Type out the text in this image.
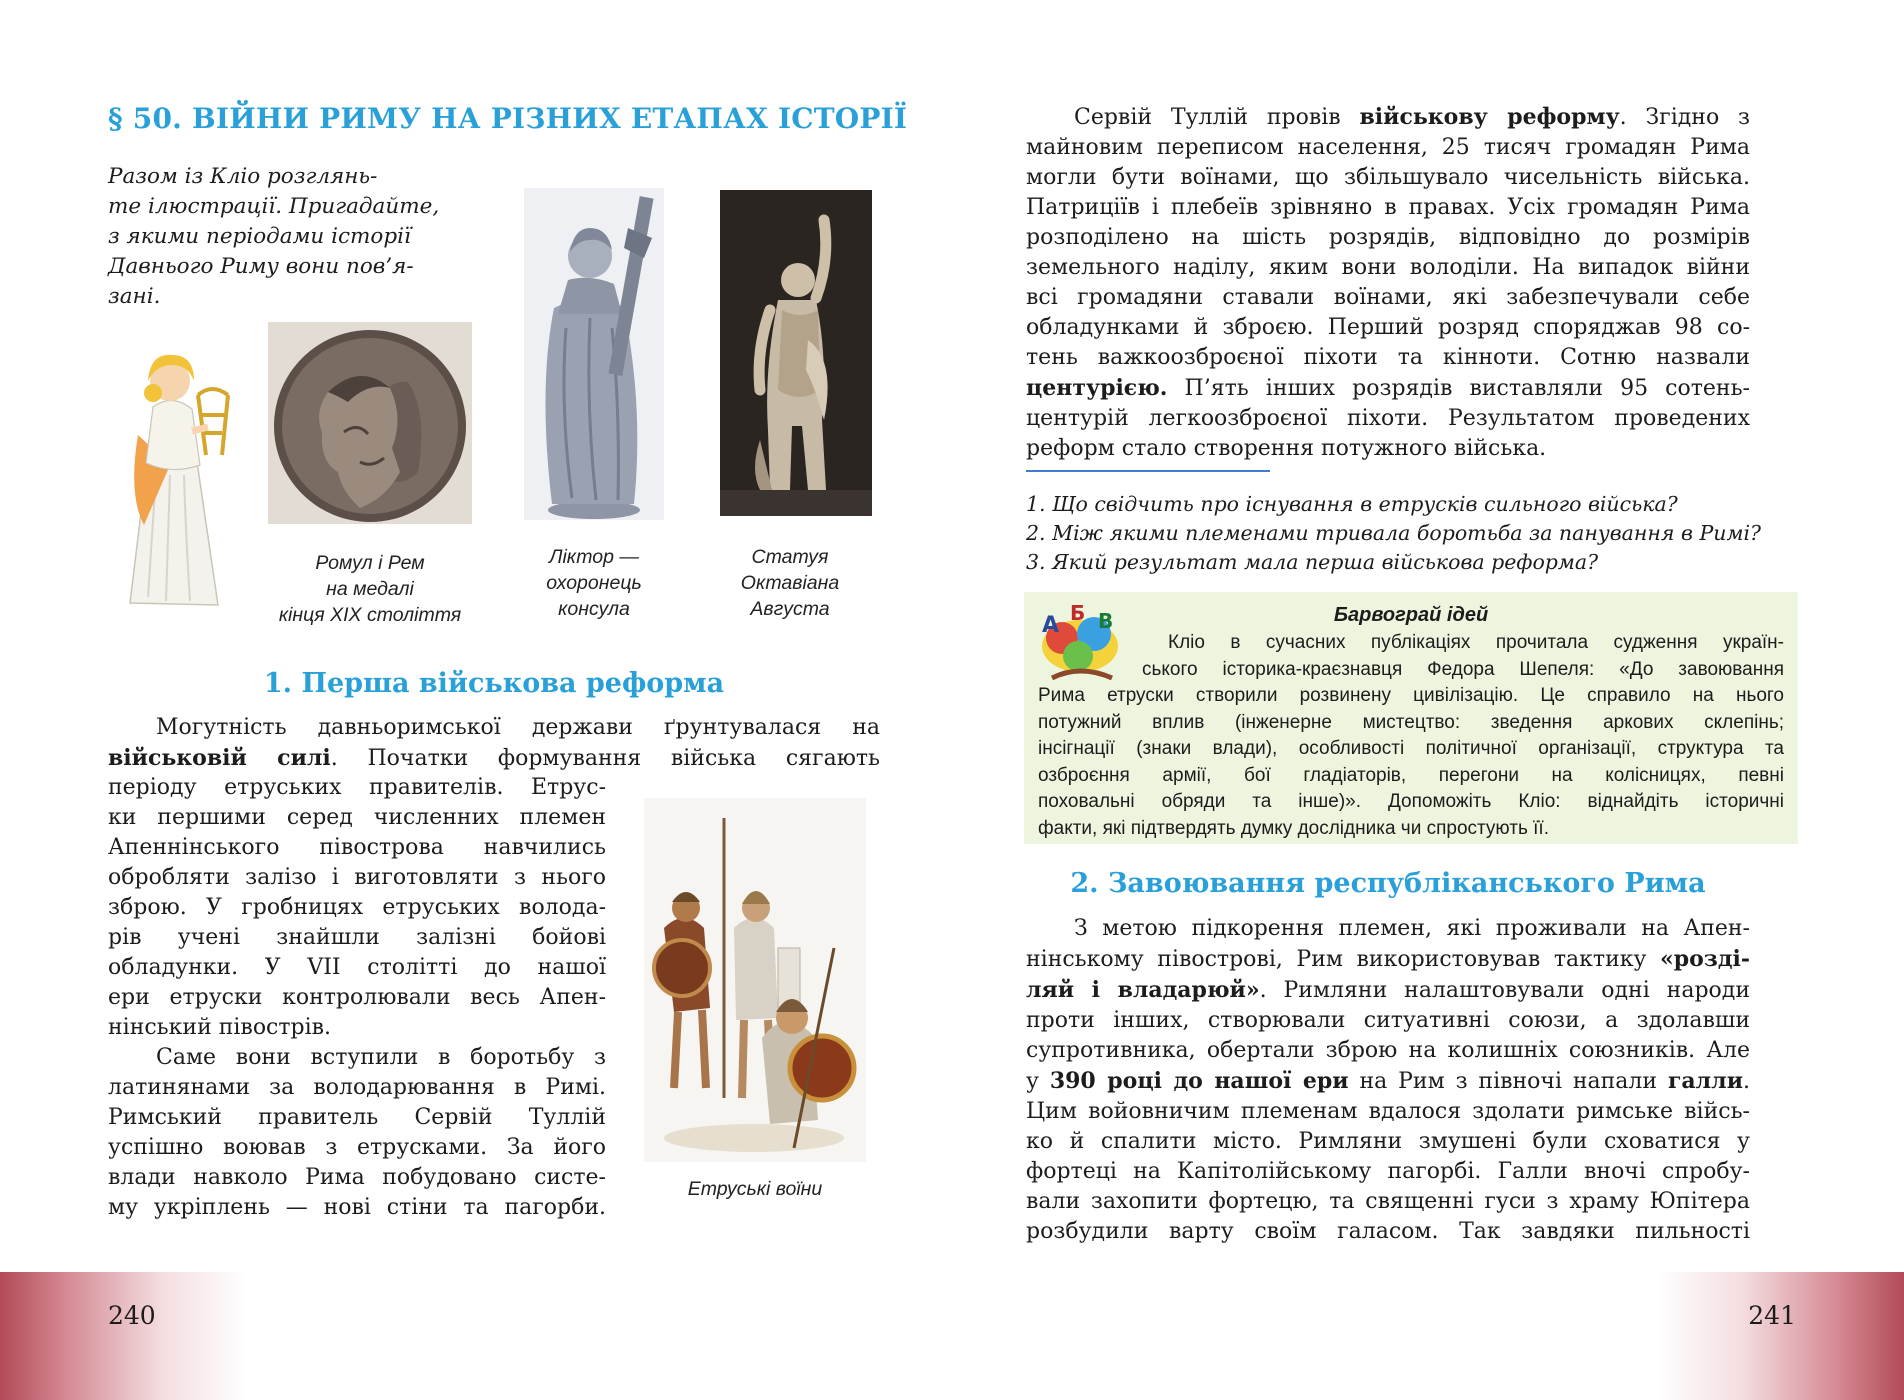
§ 50. ВІЙНИ РИМУ НА РІЗНИХ ЕТАПАХ ІСТОРІЇ

Разом із Кліо розглянь-

те ілюстрації. Пригадайте,

з якими періодами історії

Давнього Риму вони пов’я-

зані.

Ромул і Рем
на медалі
кінця XIX століття
Ліктор —
охоронець
консула
Статуя
Октавіана
Августа
1. Перша військова реформа

Могутність давньоримської держави ґрунтувалася на

військовій силі. Початки формування війська сягають

періоду етруських правителів. Етрус-

ки першими серед численних племен

Апеннінського півострова навчились

обробляти залізо і виготовляти з нього

зброю. У гробницях етруських волода-

рів учені знайшли залізні бойові

обладунки. У VII столітті до нашої

ери етруски контролювали весь Апен-

нінський півострів.

Саме вони вступили в боротьбу з

латинянами за володарювання в Римі.

Римський правитель Сервій Туллій

успішно воював з етрусками. За його

влади навколо Рима побудовано систе-

му укріплень — нові стіни та пагорби.

Етруські воїни
240

Сервій Туллій провів військову реформу. Згідно з

майновим переписом населення, 25 тисяч громадян Рима

могли бути воїнами, що збільшувало чисельність війська.

Патриціїв і плебеїв зрівняно в правах. Усіх громадян Рима

розподілено на шість розрядів, відповідно до розмірів

земельного наділу, яким вони володіли. На випадок війни

всі громадяни ставали воїнами, які забезпечували себе

обладунками й зброєю. Перший розряд споряджав 98 со-

тень важкоозброєної піхоти та кінноти. Сотню назвали

центурією. П’ять інших розрядів виставляли 95 сотень-

центурій легкоозброєної піхоти. Результатом проведених

реформ стало створення потужного війська.

1. Що свідчить про існування в етрусків сильного війська?
2. Між якими племенами тривала боротьба за панування в Римі?
3. Який результат мала перша військова реформа?
А Б В	Барвограй ідей

Кліо в сучасних публікаціях прочитала судження україн-

ського історика-краєзнавця Федора Шепеля: «До завоювання

Рима етруски створили розвинену цивілізацію. Це справило на нього

потужний вплив (інженерне мистецтво: зведення аркових склепінь;

інсігнації (знаки влади), особливості політичної організації, структура та

озброєння армії, бої гладіаторів, перегони на колісницях, певні

поховальні обряди та інше)». Допоможіть Кліо: віднайдіть історичні

факти, які підтвердять думку дослідника чи спростують її.

2. Завоювання республіканського Рима

З метою підкорення племен, які проживали на Апен-

нінському півострові, Рим використовував тактику «розді-

ляй і владарюй». Римляни налаштовували одні народи

проти інших, створювали ситуативні союзи, а здолавши

супротивника, обертали зброю на колишніх союзників. Але

у 390 році до нашої ери на Рим з півночі напали галли.

Цим войовничим племенам вдалося здолати римське війсь-

ко й спалити місто. Римляни змушені були сховатися у

фортеці на Капітолійському пагорбі. Галли вночі спробу-

вали захопити фортецю, та священні гуси з храму Юпітера

розбудили варту своїм галасом. Так завдяки пильності

241
